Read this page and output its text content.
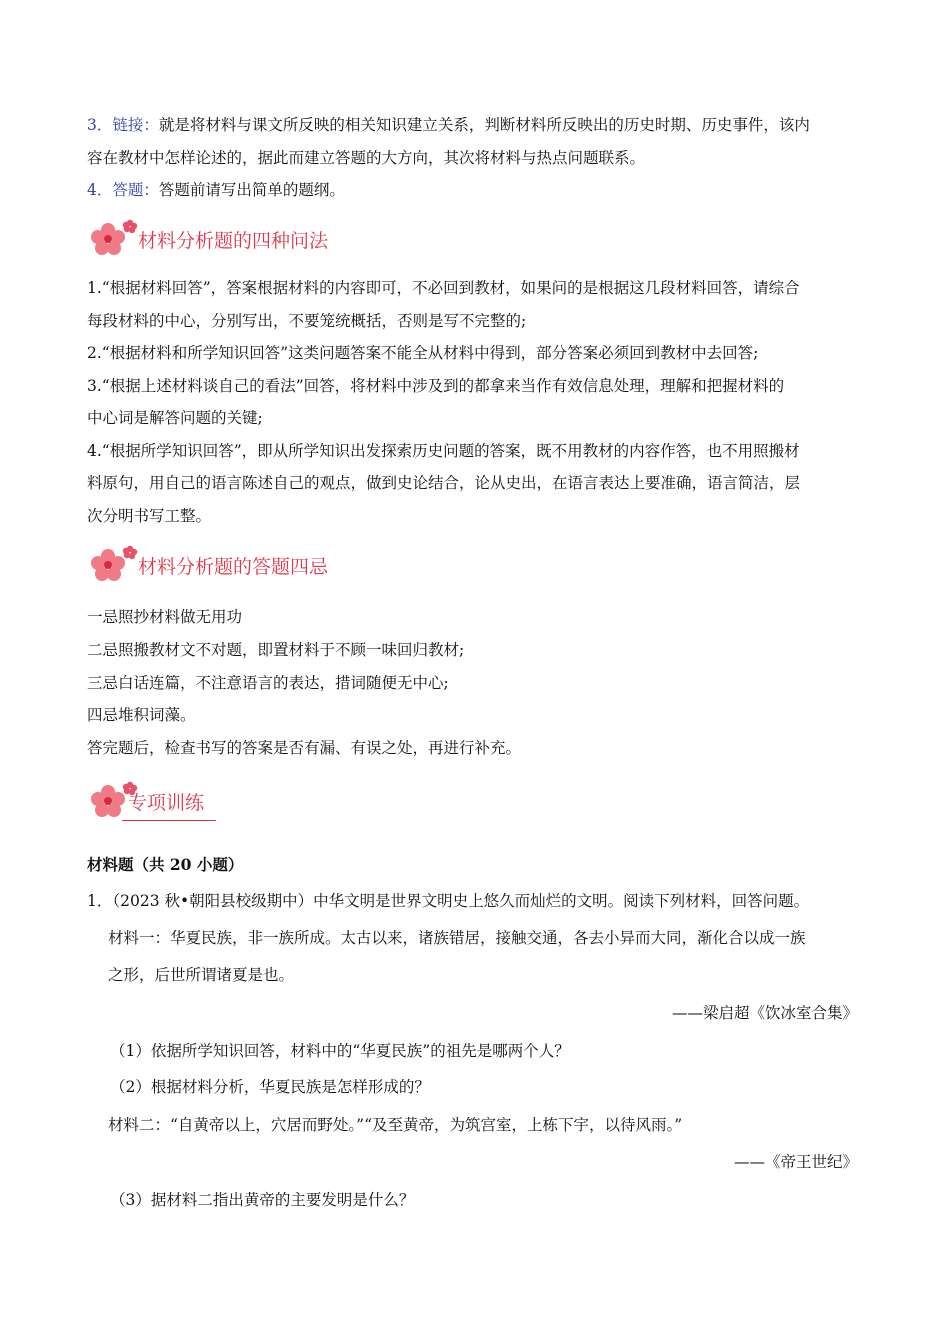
3．链接：就是将材料与课文所反映的相关知识建立关系，判断材料所反映出的历史时期、历史事件，该内
容在教材中怎样论述的，据此而建立答题的大方向，其次将材料与热点问题联系。
4．答题：答题前请写出简单的题纲。
材料分析题的四种问法
1.“根据材料回答”，答案根据材料的内容即可，不必回到教材，如果问的是根据这几段材料回答，请综合
每段材料的中心，分别写出，不要笼统概括，否则是写不完整的;
2.“根据材料和所学知识回答”这类问题答案不能全从材料中得到，部分答案必须回到教材中去回答;
3.“根据上述材料谈自己的看法”回答，将材料中涉及到的都拿来当作有效信息处理，理解和把握材料的
中心词是解答问题的关键;
4.“根据所学知识回答”，即从所学知识出发探索历史问题的答案，既不用教材的内容作答，也不用照搬材
料原句，用自己的语言陈述自己的观点，做到史论结合，论从史出，在语言表达上要准确，语言简洁，层
次分明书写工整。
材料分析题的答题四忌
一忌照抄材料做无用功
二忌照搬教材文不对题，即置材料于不顾一味回归教材;
三忌白话连篇，不注意语言的表达，措词随便无中心;
四忌堆积词藻。
答完题后，检查书写的答案是否有漏、有误之处，再进行补充。
专项训练
材料题（共 20 小题）
1．（2023 秋•朝阳县校级期中）中华文明是世界文明史上悠久而灿烂的文明。阅读下列材料，回答问题。
材料一：华夏民族，非一族所成。太古以来，诸族错居，接触交通，各去小异而大同，渐化合以成一族
之形，后世所谓诸夏是也。
——梁启超《饮冰室合集》
（1）依据所学知识回答，材料中的“华夏民族”的祖先是哪两个人？
（2）根据材料分析，华夏民族是怎样形成的？
材料二：“自黄帝以上，穴居而野处。”“及至黄帝，为筑宫室，上栋下宇，以待风雨。”
——《帝王世纪》
（3）据材料二指出黄帝的主要发明是什么？
